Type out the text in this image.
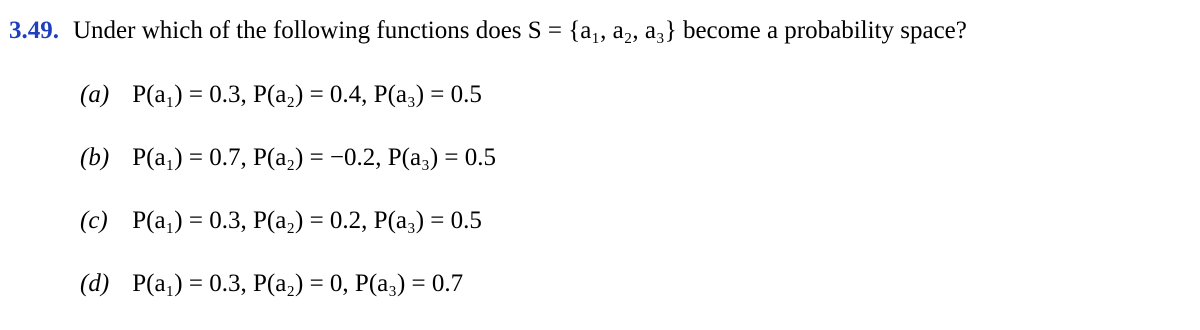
3.49. Under which of the following functions does S = {a₁, a₂, a₃} become a probability space?
(a) P(a₁) = 0.3, P(a₂) = 0.4, P(a₃) = 0.5
(b) P(a₁) = 0.7, P(a₂) = −0.2, P(a₃) = 0.5
(c) P(a₁) = 0.3, P(a₂) = 0.2, P(a₃) = 0.5
(d) P(a₁) = 0.3, P(a₂) = 0, P(a₃) = 0.7
